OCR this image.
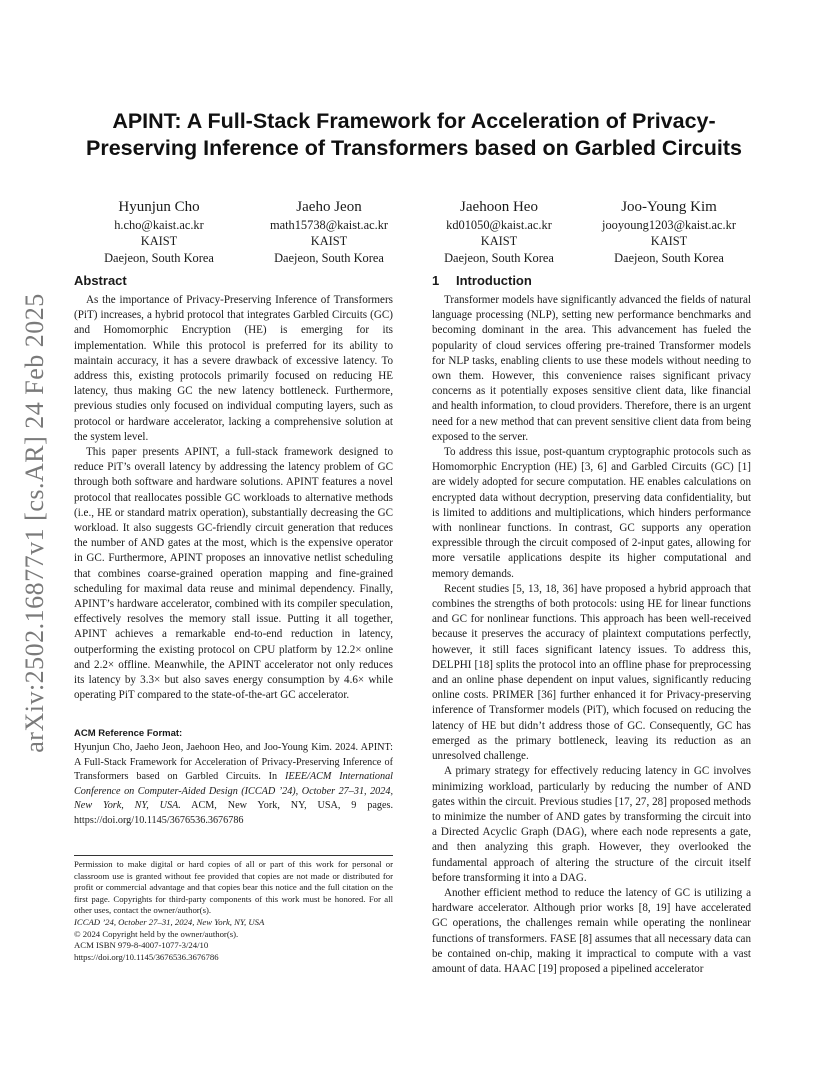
arXiv:2502.16877v1 [cs.AR] 24 Feb 2025
APINT: A Full-Stack Framework for Acceleration of Privacy-Preserving Inference of Transformers based on Garbled Circuits
Hyunjun Cho
h.cho@kaist.ac.kr
KAIST
Daejeon, South Korea
Jaeho Jeon
math15738@kaist.ac.kr
KAIST
Daejeon, South Korea
Jaehoon Heo
kd01050@kaist.ac.kr
KAIST
Daejeon, South Korea
Joo-Young Kim
jooyoung1203@kaist.ac.kr
KAIST
Daejeon, South Korea
Abstract

As the importance of Privacy-Preserving Inference of Transformers (PiT) increases, a hybrid protocol that integrates Garbled Circuits (GC) and Homomorphic Encryption (HE) is emerging for its implementation. While this protocol is preferred for its ability to maintain accuracy, it has a severe drawback of excessive latency. To address this, existing protocols primarily focused on reducing HE latency, thus making GC the new latency bottleneck. Furthermore, previous studies only focused on individual computing layers, such as protocol or hardware accelerator, lacking a comprehensive solution at the system level.

This paper presents APINT, a full-stack framework designed to reduce PiT’s overall latency by addressing the latency problem of GC through both software and hardware solutions. APINT features a novel protocol that reallocates possible GC workloads to alternative methods (i.e., HE or standard matrix operation), substantially decreasing the GC workload. It also suggests GC-friendly circuit generation that reduces the number of AND gates at the most, which is the expensive operator in GC. Furthermore, APINT proposes an innovative netlist scheduling that combines coarse-grained operation mapping and fine-grained scheduling for maximal data reuse and minimal dependency. Finally, APINT’s hardware accelerator, combined with its compiler speculation, effectively resolves the memory stall issue. Putting it all together, APINT achieves a remarkable end-to-end reduction in latency, outperforming the existing protocol on CPU platform by 12.2× online and 2.2× offline. Meanwhile, the APINT accelerator not only reduces its latency by 3.3× but also saves energy consumption by 4.6× while operating PiT compared to the state-of-the-art GC accelerator.

ACM Reference Format:

Hyunjun Cho, Jaeho Jeon, Jaehoon Heo, and Joo-Young Kim. 2024. APINT: A Full-Stack Framework for Acceleration of Privacy-Preserving Inference of Transformers based on Garbled Circuits. In IEEE/ACM International Conference on Computer-Aided Design (ICCAD ’24), October 27–31, 2024, New York, NY, USA. ACM, New York, NY, USA, 9 pages. https://doi.org/10.1145/3676536.3676786

Permission to make digital or hard copies of all or part of this work for personal or classroom use is granted without fee provided that copies are not made or distributed for profit or commercial advantage and that copies bear this notice and the full citation on the first page. Copyrights for third-party components of this work must be honored. For all other uses, contact the owner/author(s).

ICCAD ’24, October 27–31, 2024, New York, NY, USA

© 2024 Copyright held by the owner/author(s).

ACM ISBN 979-8-4007-1077-3/24/10

https://doi.org/10.1145/3676536.3676786

1 Introduction

Transformer models have significantly advanced the fields of natural language processing (NLP), setting new performance benchmarks and becoming dominant in the area. This advancement has fueled the popularity of cloud services offering pre-trained Transformer models for NLP tasks, enabling clients to use these models without needing to own them. However, this convenience raises significant privacy concerns as it potentially exposes sensitive client data, like financial and health information, to cloud providers. Therefore, there is an urgent need for a new method that can prevent sensitive client data from being exposed to the server.

To address this issue, post-quantum cryptographic protocols such as Homomorphic Encryption (HE) [3, 6] and Garbled Circuits (GC) [1] are widely adopted for secure computation. HE enables calculations on encrypted data without decryption, preserving data confidentiality, but is limited to additions and multiplications, which hinders performance with nonlinear functions. In contrast, GC supports any operation expressible through the circuit composed of 2-input gates, allowing for more versatile applications despite its higher computational and memory demands.

Recent studies [5, 13, 18, 36] have proposed a hybrid approach that combines the strengths of both protocols: using HE for linear functions and GC for nonlinear functions. This approach has been well-received because it preserves the accuracy of plaintext computations perfectly, however, it still faces significant latency issues. To address this, DELPHI [18] splits the protocol into an offline phase for preprocessing and an online phase dependent on input values, significantly reducing online costs. PRIMER [36] further enhanced it for Privacy-preserving inference of Transformer models (PiT), which focused on reducing the latency of HE but didn’t address those of GC. Consequently, GC has emerged as the primary bottleneck, leaving its reduction as an unresolved challenge.

A primary strategy for effectively reducing latency in GC involves minimizing workload, particularly by reducing the number of AND gates within the circuit. Previous studies [17, 27, 28] proposed methods to minimize the number of AND gates by transforming the circuit into a Directed Acyclic Graph (DAG), where each node represents a gate, and then analyzing this graph. However, they overlooked the fundamental approach of altering the structure of the circuit itself before transforming it into a DAG.

Another efficient method to reduce the latency of GC is utilizing a hardware accelerator. Although prior works [8, 19] have accelerated GC operations, the challenges remain while operating the nonlinear functions of transformers. FASE [8] assumes that all necessary data can be contained on-chip, making it impractical to compute with a vast amount of data. HAAC [19] proposed a pipelined accelerator
